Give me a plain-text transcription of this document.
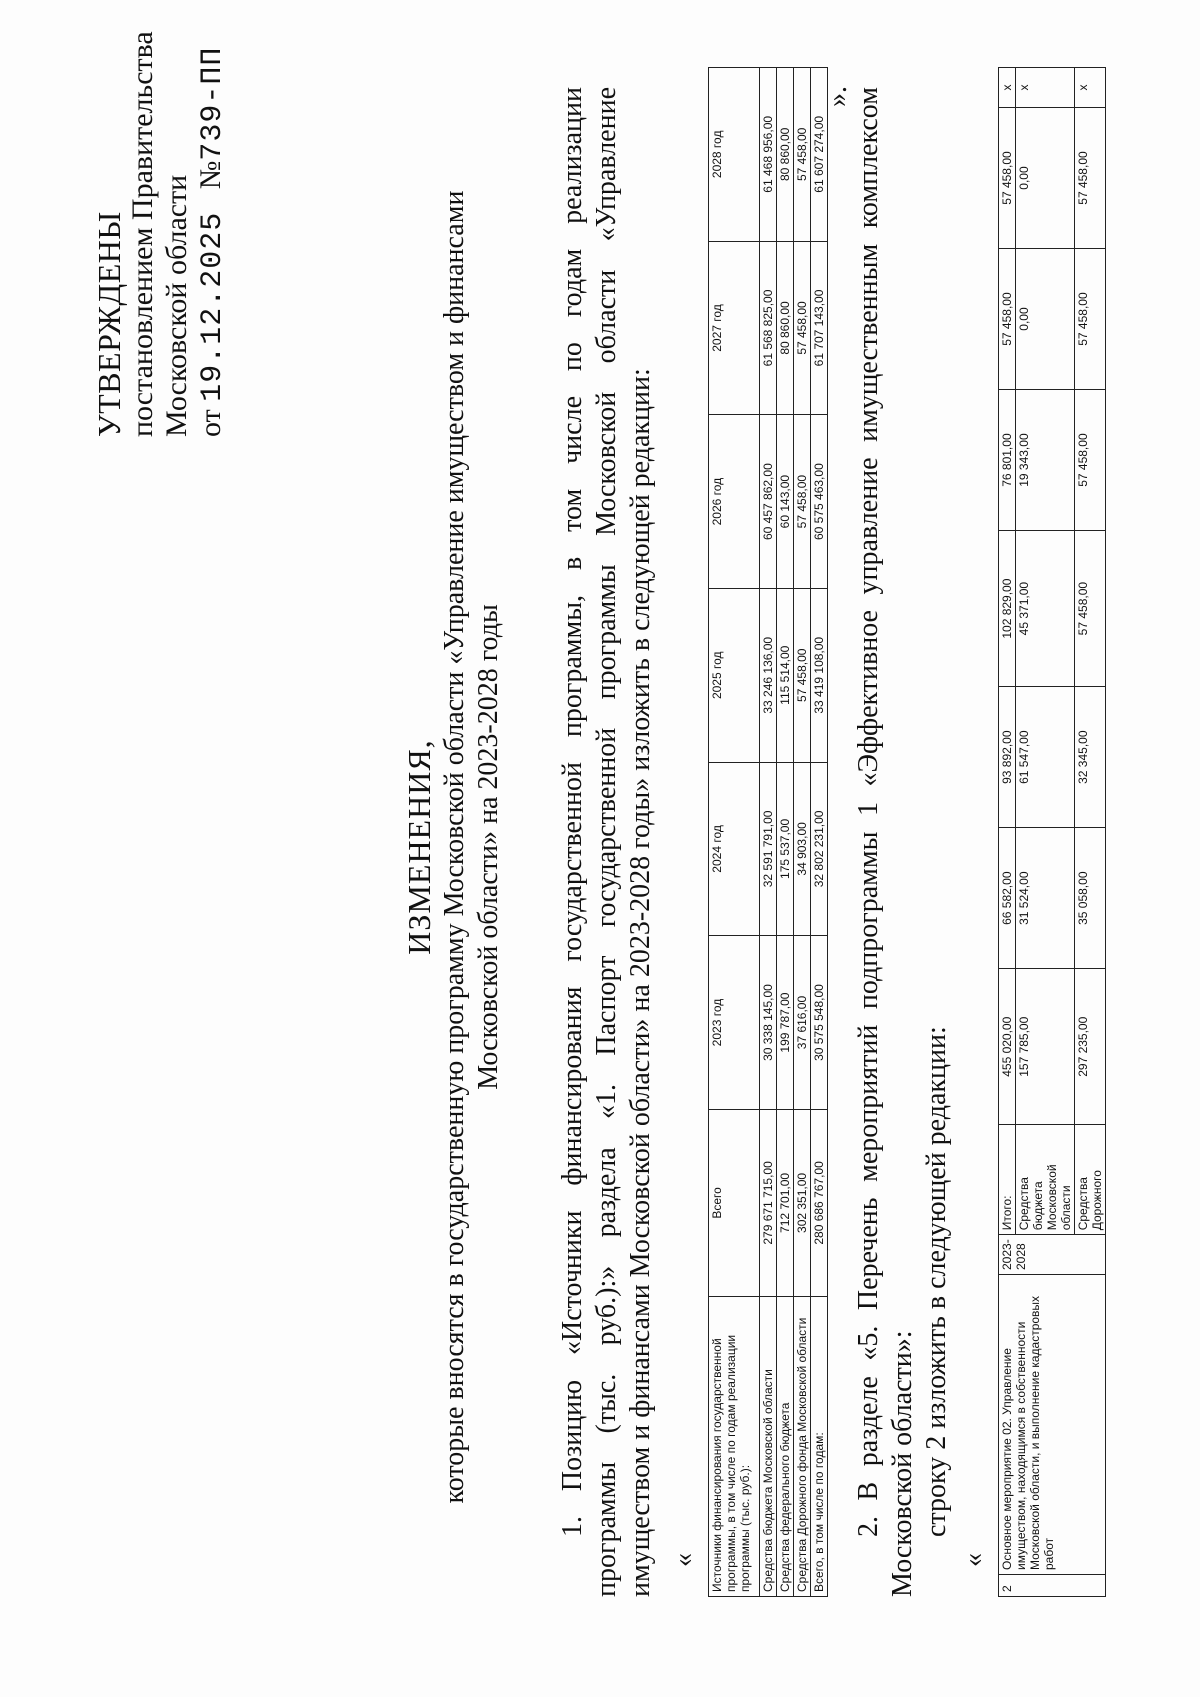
УТВЕРЖДЕНЫ постановлением Правительства Московской области от 19.12.2025   №739-ПП
ИЗМЕНЕНИЯ, которые вносятся в государственную программу Московской области «Управление имуществом и финансами Московской области» на 2023-2028 годы 1. Позицию «Источники финансирования государственной программы, в том числе по годам реализации программы (тыс. руб.):» раздела «1. Паспорт государственной программы Московской области «Управление имуществом и финансами Московской области» на 2023-2028 годы» изложить в следующей редакции: « Источники финансирования государственной программы, в том числе по годам реализации программы (тыс. руб.):	Всего	2023 год	2024 год	2025 год	2026 год	2027 год	2028 год
Средства бюджета Московской области	279 671 715,00	30 338 145,00	32 591 791,00	33 246 136,00	60 457 862,00	61 568 825,00	61 468 956,00
Средства федерального бюджета	712 701,00	199 787,00	175 537,00	115 514,00	60 143,00	80 860,00	80 860,00
Средства Дорожного фонда Московской области	302 351,00	37 616,00	34 903,00	57 458,00	57 458,00	57 458,00	57 458,00
Всего, в том числе по годам:	280 686 767,00	30 575 548,00	32 802 231,00	33 419 108,00	60 575 463,00	61 707 143,00	61 607 274,00
». 2. В разделе «5. Перечень мероприятий подпрограммы 1 «Эффективное управление имущественным комплексом Московской области»: строку 2 изложить в следующей редакции:
«
2	Основное мероприятие 02. Управление имуществом, находящимся в собственности Московской области, и выполнение кадастровых работ	2023-2028	Итого:	455 020,00	66 582,00	93 892,00	102 829,00	76 801,00	57 458,00	57 458,00	х
			Средства бюджета Московской области	157 785,00	31 524,00	61 547,00	45 371,00	19 343,00	0,00	0,00	х
			Средства Дорожного	297 235,00	35 058,00	32 345,00	57 458,00	57 458,00	57 458,00	57 458,00	х
